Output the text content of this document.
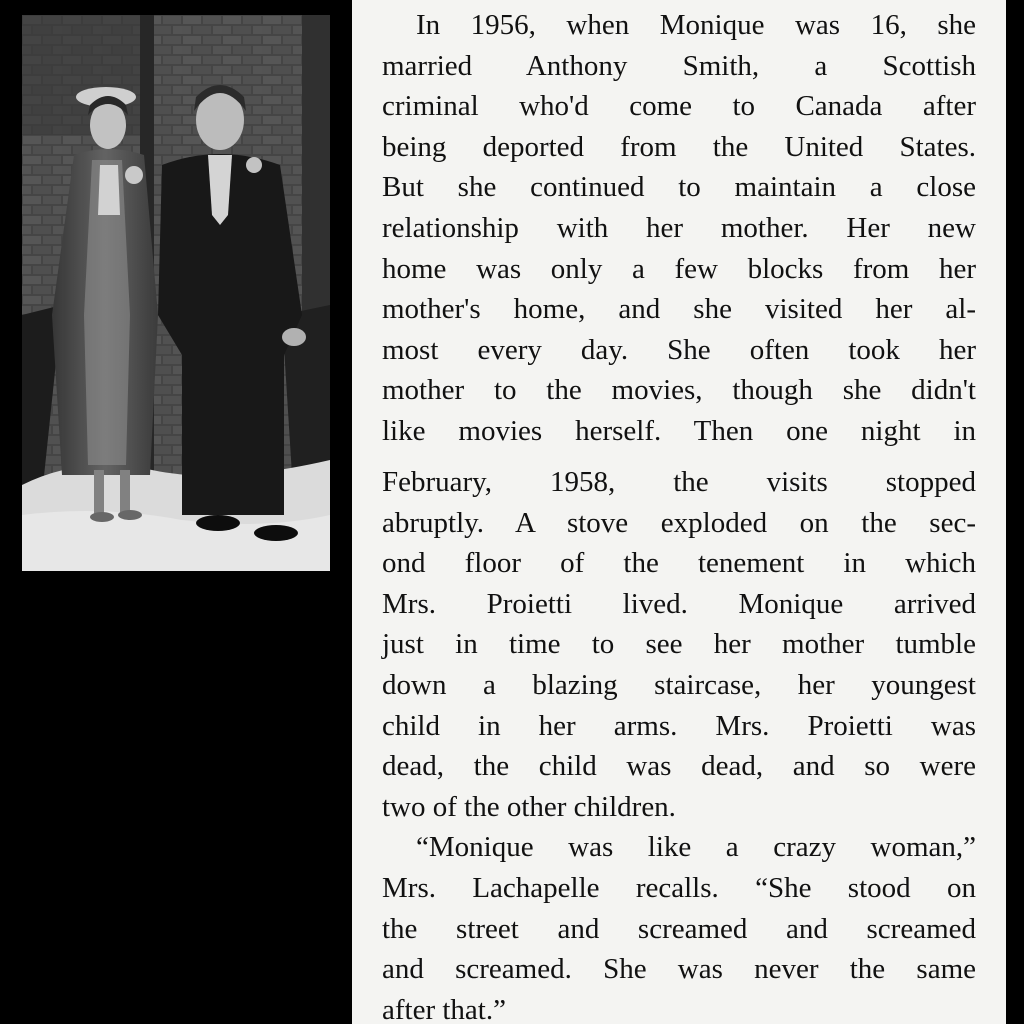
In 1956, when Monique was 16, she
married Anthony Smith, a Scottish
criminal who'd come to Canada after
being deported from the United States.
But she continued to maintain a close
relationship with her mother. Her new
home was only a few blocks from her
mother's home, and she visited her al-
most every day. She often took her
mother to the movies, though she didn't
like movies herself. Then one night in
February, 1958, the visits stopped
abruptly. A stove exploded on the sec-
ond floor of the tenement in which
Mrs. Proietti lived. Monique arrived
just in time to see her mother tumble
down a blazing staircase, her youngest
child in her arms. Mrs. Proietti was
dead, the child was dead, and so were
two of the other children.
“Monique was like a crazy woman,”
Mrs. Lachapelle recalls. “She stood on
the street and screamed and screamed
and screamed. She was never the same
after that.”
